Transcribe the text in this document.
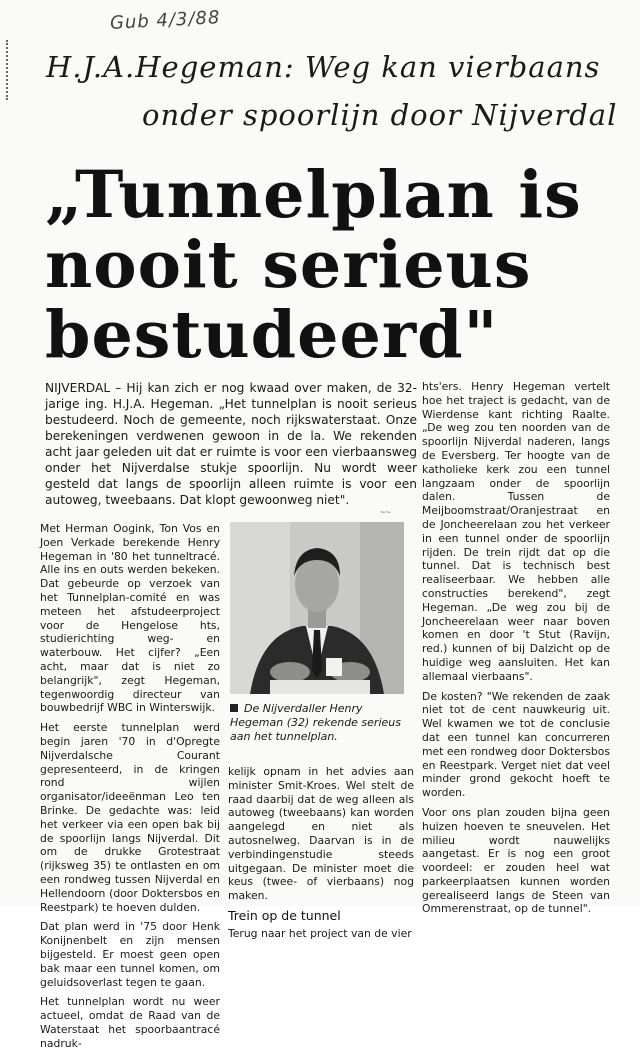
Gub 4/3/88
H.J.A.Hegeman: Weg kan vierbaans
onder spoorlijn door Nijverdal
„Tunnelplan is
nooit serieus
bestudeerd"
NIJVERDAL – Hij kan zich er nog kwaad over maken, de 32-jarige ing. H.J.A. Hegeman. „Het tunnelplan is nooit serieus bestudeerd. Noch de gemeente, noch rijkswaterstaat. Onze berekeningen verdwenen gewoon in de la. We rekenden acht jaar geleden uit dat er ruimte is voor een vierbaansweg onder het Nijverdalse stukje spoorlijn. Nu wordt weer gesteld dat langs de spoorlijn alleen ruimte is voor een autoweg, tweebaans. Dat klopt gewoonweg niet".

Met Herman Oogink, Ton Vos en Joen Verkade berekende Henry Hegeman in '80 het tunneltracé. Alle ins en outs werden bekeken. Dat gebeurde op verzoek van het Tunnelplan-comité en was meteen het afstudeerproject voor de Hengelose hts, studierichting weg- en waterbouw. Het cijfer? „Een acht, maar dat is niet zo belangrijk", zegt Hegeman, tegenwoordig directeur van bouwbedrijf WBC in Winterswijk.

Het eerste tunnelplan werd begin jaren '70 in d'Opregte Nijverdalsche Courant gepresenteerd, in de kringen rond wijlen organisator/ideeënman Leo ten Brinke. De gedachte was: leid het verkeer via een open bak bij de spoorlijn langs Nijverdal. Dit om de drukke Grotestraat (rijksweg 35) te ontlasten en om een rondweg tussen Nijverdal en Hellendoorn (door Doktersbos en Reestpark) te hoeven dulden.

Dat plan werd in '75 door Henk Konijnenbelt en zijn mensen bijgesteld. Er moest geen open bak maar een tunnel komen, om geluidsoverlast tegen te gaan.

Het tunnelplan wordt nu weer actueel, omdat de Raad van de Waterstaat het spoorbaantracé nadruk-

~~
De Nijverdaller Henry Hegeman (32) rekende serieus aan het tunnelplan.

kelijk opnam in het advies aan minister Smit-Kroes. Wel stelt de raad daarbij dat de weg alleen als autoweg (tweebaans) kan worden aangelegd en niet als autosnelweg. Daarvan is in de verbindingenstudie steeds uitgegaan. De minister moet die keus (twee- of vierbaans) nog maken.

Trein op de tunnel

Terug naar het project van de vier

hts'ers. Henry Hegeman vertelt hoe het traject is gedacht, van de Wierdense kant richting Raalte. „De weg zou ten noorden van de spoorlijn Nijverdal naderen, langs de Eversberg. Ter hoogte van de katholieke kerk zou een tunnel langzaam onder de spoorlijn dalen. Tussen de Meijboomstraat/Oranjestraat en de Joncheerelaan zou het verkeer in een tunnel onder de spoorlijn rijden. De trein rijdt dat op die tunnel. Dat is technisch best realiseerbaar. We hebben alle constructies berekend", zegt Hegeman. „De weg zou bij de Joncheerelaan weer naar boven komen en door 't Stut (Ravijn, red.) kunnen of bij Dalzicht op de huidige weg aansluiten. Het kan allemaal vierbaans".

De kosten? "We rekenden de zaak niet tot de cent nauwkeurig uit. Wel kwamen we tot de conclusie dat een tunnel kan concurreren met een rondweg door Doktersbos en Reestpark. Verget niet dat veel minder grond gekocht hoeft te worden.

Voor ons plan zouden bijna geen huizen hoeven te sneuvelen. Het milieu wordt nauwelijks aangetast. Er is nog een groot voordeel: er zouden heel wat parkeerplaatsen kunnen worden gerealiseerd langs de Steen van Ommerenstraat, op de tunnel".
